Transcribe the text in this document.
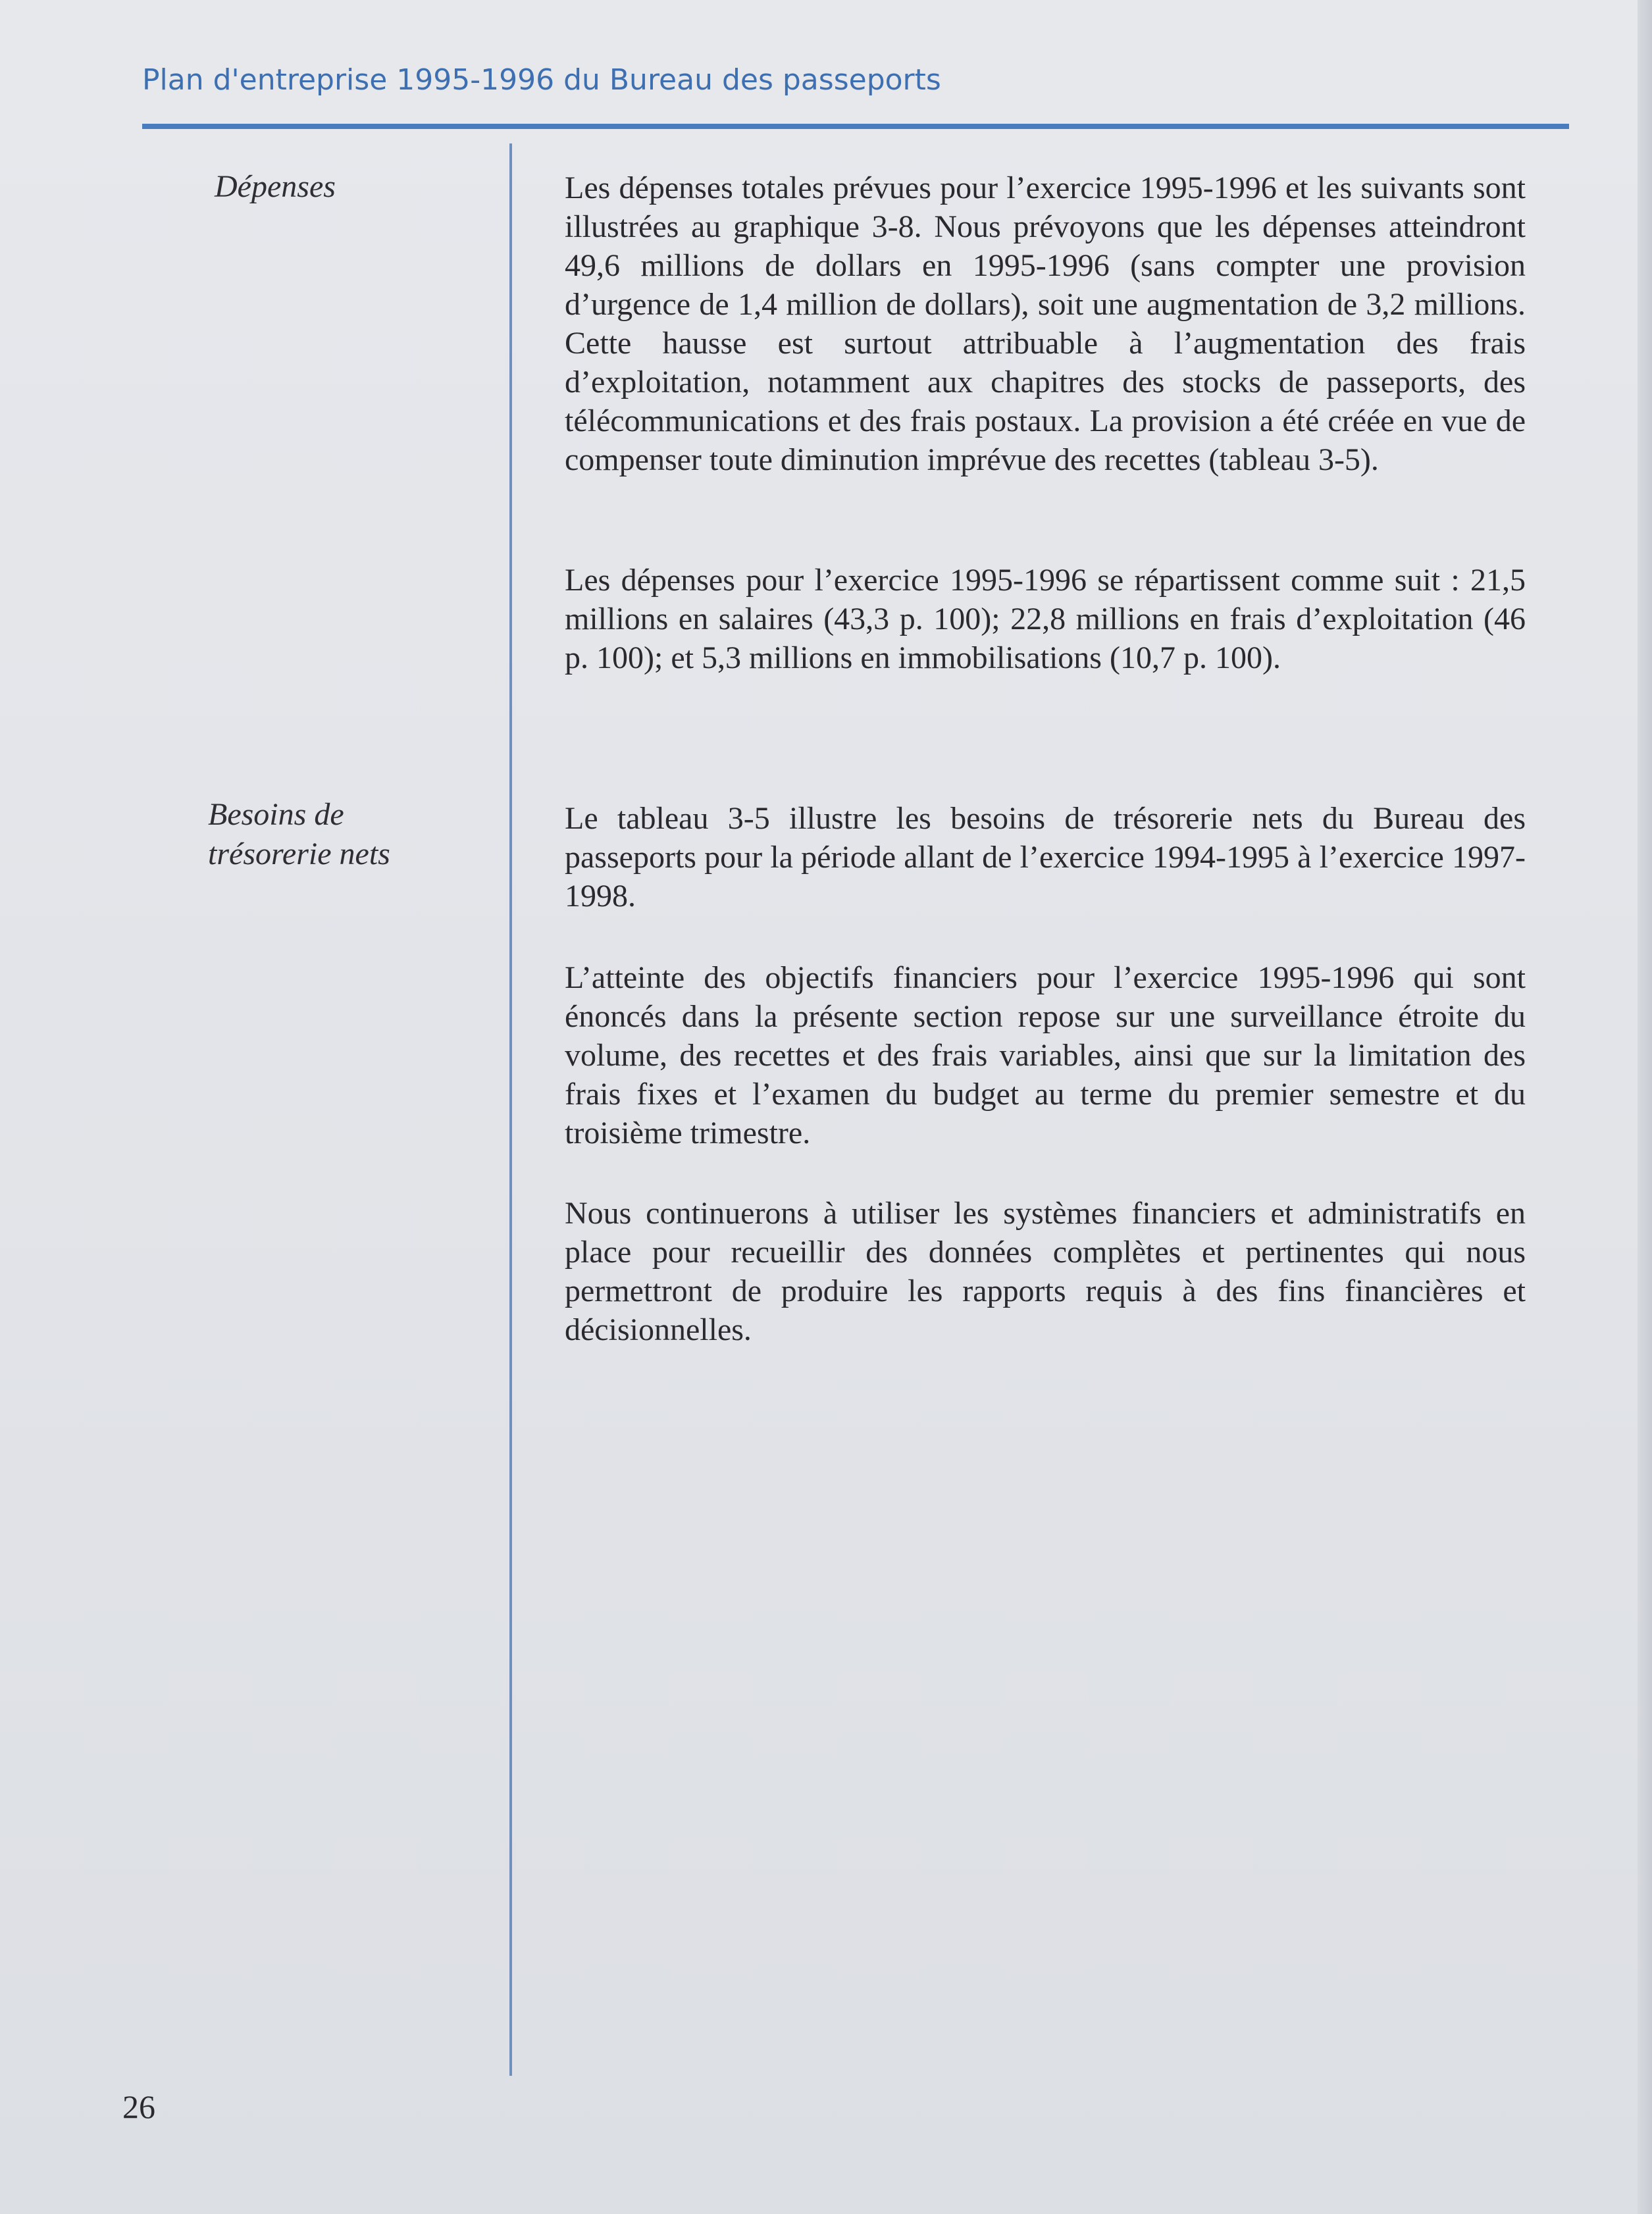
Plan d'entreprise 1995-1996 du Bureau des passeports
Dépenses	Les dépenses totales prévues pour l’exercice 1995-1996 et les suivants sont illustrées au graphique 3-8. Nous prévoyons que les dépenses atteindront 49,6 millions de dollars en 1995-1996 (sans compter une provision d’urgence de 1,4 million de dollars), soit une augmentation de 3,2 millions. Cette hausse est surtout attribuable à l’augmentation des frais d’exploitation, notamment aux chapitres des stocks de passeports, des télécommunications et des frais postaux. La provision a été créée en vue de compenser toute diminution imprévue des recettes (tableau 3-5).

Les dépenses pour l’exercice 1995-1996 se répartissent comme suit : 21,5 millions en salaires (43,3 p. 100); 22,8 millions en frais d’exploitation (46 p. 100); et 5,3 millions en immobilisations (10,7 p. 100).

Besoins de
trésorerie nets

Le tableau 3-5 illustre les besoins de trésorerie nets du Bureau des passeports pour la période allant de l’exercice 1994-1995 à l’exercice 1997-1998.

L’atteinte des objectifs financiers pour l’exercice 1995-1996 qui sont énoncés dans la présente section repose sur une surveillance étroite du volume, des recettes et des frais variables, ainsi que sur la limitation des frais fixes et l’examen du budget au terme du premier semestre et du troisième trimestre.

Nous continuerons à utiliser les systèmes financiers et administratifs en place pour recueillir des données complètes et pertinentes qui nous permettront de produire les rapports requis à des fins financières et décisionnelles.

26
